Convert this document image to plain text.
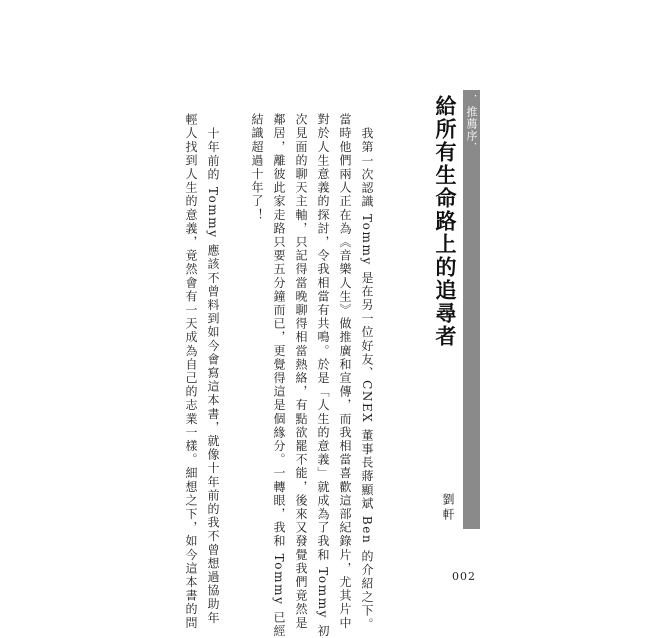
．推薦序．
給所有生命路上的追尋者
劉軒
我第一次認識 Tommy 是在另一位好友、CNEX 董事長蔣顯斌 Ben 的介紹之下。
當時他們兩人正在為《音樂人生》做推廣和宣傳，而我相當喜歡這部紀錄片，尤其片中
對於人生意義的探討，令我相當有共鳴。於是「人生的意義」就成為了我和 Tommy 初
次見面的聊天主軸，只記得當晚聊得相當熱絡，有點欲罷不能，後來又發覺我們竟然是
鄰居，離彼此家走路只要五分鐘而已，更覺得這是個緣分。一轉眼，我和 Tommy 已經
結識超過十年了！
十年前的 Tommy 應該不曾料到如今會寫這本書，就像十年前的我不曾想過協助年
輕人找到人生的意義，竟然會有一天成為自己的志業一樣。細想之下，如今這本書的問	002
